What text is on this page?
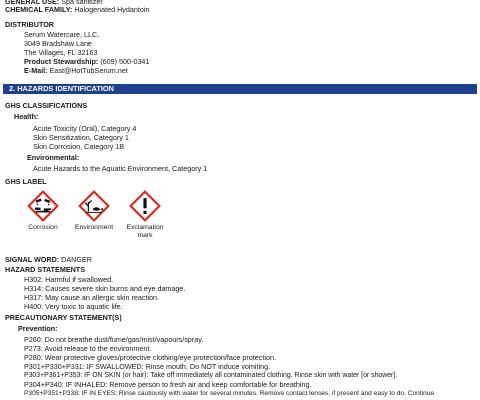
GENERAL USE: Spa sanitizer
CHEMICAL FAMILY: Halogenated Hydantoin
DISTRIBUTOR
Serum Watercare, LLC.
3049 Bradshaw Lane
The Villages, FL 32163
Product Stewardship: (609) 500-0341
E-Mail: East@HotTubSerum.net
2. HAZARDS IDENTIFICATION
GHS CLASSIFICATIONS
Health:
Acute Toxicity (Oral), Category 4
Skin Sensitization, Category 1
Skin Corrosion, Category 1B
Environmental:
Acute Hazards to the Aquatic Environment, Category 1
GHS LABEL
Corrosion	Environment	Exclamation
mark
SIGNAL WORD: DANGER
HAZARD STATEMENTS
H302: Harmful if swallowed.
H314: Causes severe skin burns and eye damage.
H317: May cause an allergic skin reaction.
H400: Very toxic to aquatic life.
PRECAUTIONARY STATEMENT(S)
Prevention:
P260: Do not breathe dust/fume/gas/mist/vapours/spray.
P273: Avoid release to the environment.
P280: Wear protective gloves/protective clothing/eye protection/face protection.
P301+P330+P331: IF SWALLOWED: Rinse mouth. Do NOT induce vomiting.
P303+P361+P353: IF ON SKIN (or hair): Take off immediately all contaminated clothing. Rinse skin with water [or shower].
P304+P340: IF INHALED: Remove person to fresh air and keep comfortable for breathing.
P305+P351+P338: IF IN EYES: Rinse cautiously with water for several minutes. Remove contact lenses, if present and easy to do. Continue
